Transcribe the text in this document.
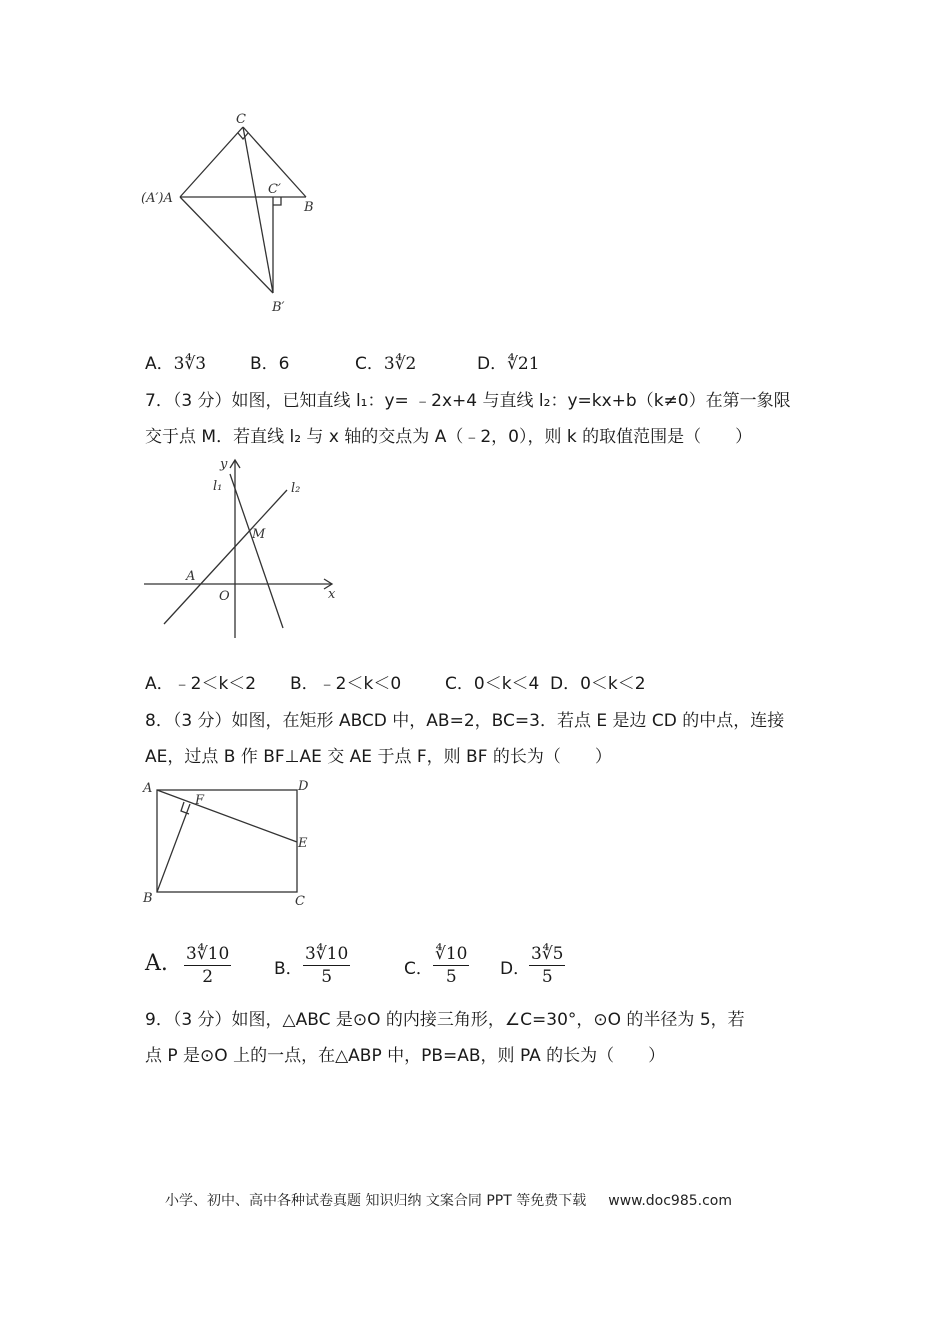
C
C′
(A′)A
B
B′
A．3∜3	B．6	C．3∜2	D．∜21
7．（3 分）如图，已知直线 l₁：y= ﹣2x+4 与直线 l₂：y=kx+b（k≠0）在第一象限
交于点 M．若直线 l₂ 与 x 轴的交点为 A（﹣2，0），则 k 的取值范围是（　　）
y
l₁	l₂
M
A
O	x
A．﹣2＜k＜2 B．﹣2＜k＜0	C．0＜k＜4 D．0＜k＜2
8．（3 分）如图，在矩形 ABCD 中，AB=2，BC=3．若点 E 是边 CD 的中点，连接
AE，过点 B 作 BF⊥AE 交 AE 于点 F，则 BF 的长为（　　）
A	D
F
E
B	C
A. $\frac{3∜10}{2}$	B． $\frac{3∜10}{5}$	C． $\frac{∜10}{5}$ D．
$\frac{3∜5}{5}$
9．（3 分）如图，△ABC 是⊙O 的内接三角形，∠C=30°，⊙O 的半径为 5，若
点 P 是⊙O 上的一点，在△ABP 中，PB=AB，则 PA 的长为（　　）
小学、初中、高中各种试卷真题 知识归纳 文案合同 PPT 等免费下载 www.doc985.com
